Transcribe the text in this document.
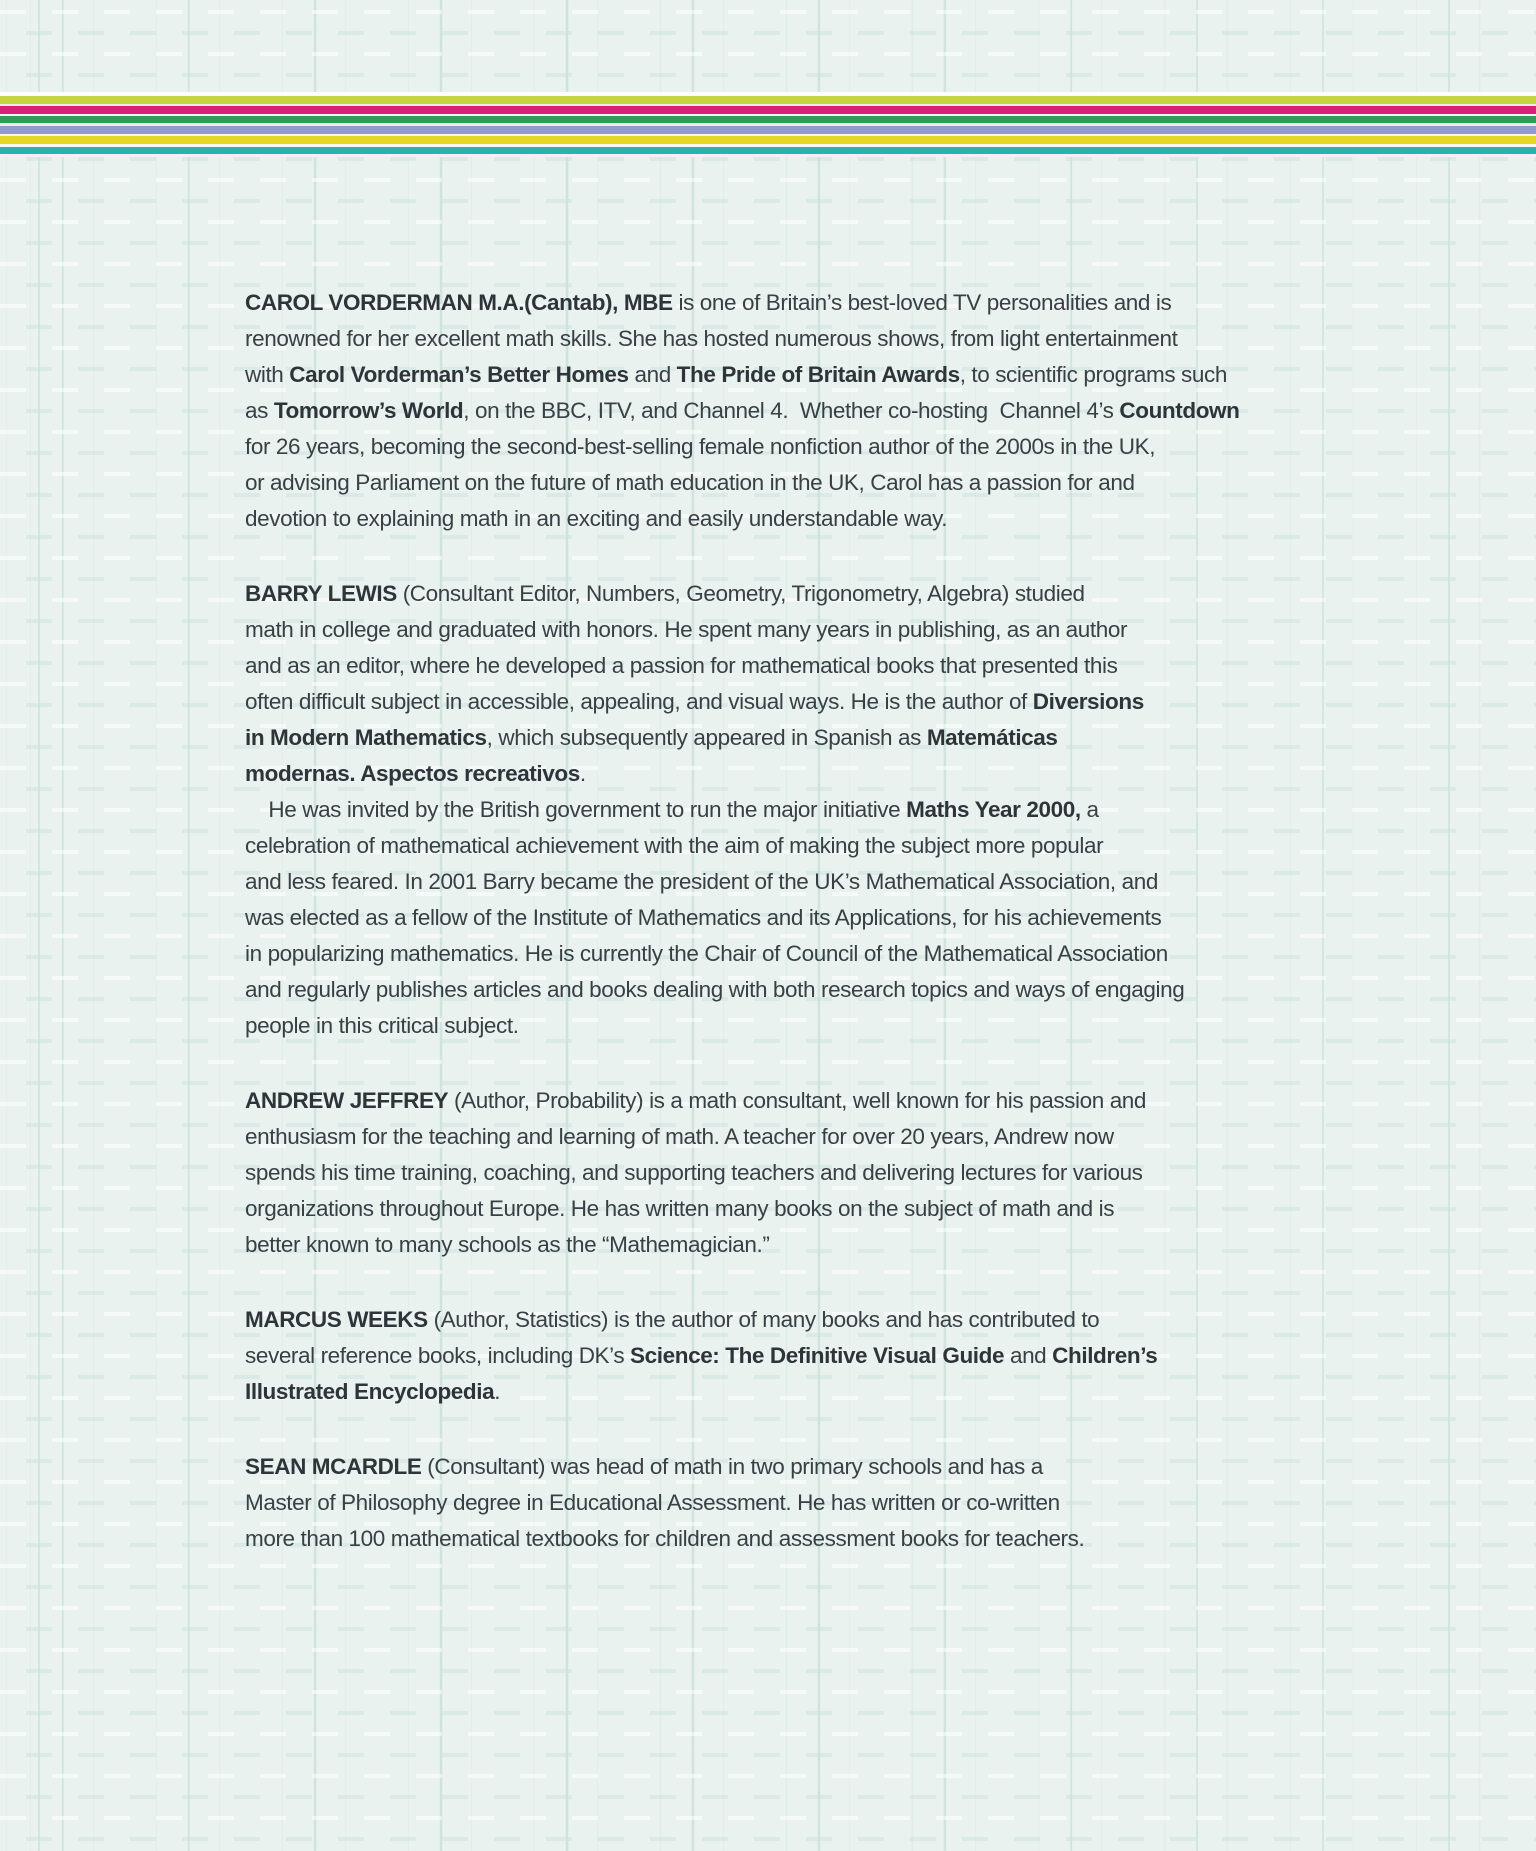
CAROL VORDERMAN M.A.(Cantab), MBE is one of Britain’s best-loved TV personalities and is
renowned for her excellent math skills. She has hosted numerous shows, from light entertainment
with Carol Vorderman’s Better Homes and The Pride of Britain Awards, to scientific programs such
as Tomorrow’s World, on the BBC, ITV, and Channel 4.  Whether co-hosting  Channel 4’s Countdown
for 26 years, becoming the second-best-selling female nonfiction author of the 2000s in the UK,
or advising Parliament on the future of math education in the UK, Carol has a passion for and
devotion to explaining math in an exciting and easily understandable way.
BARRY LEWIS (Consultant Editor, Numbers, Geometry, Trigonometry, Algebra) studied
math in college and graduated with honors. He spent many years in publishing, as an author
and as an editor, where he developed a passion for mathematical books that presented this
often difficult subject in accessible, appealing, and visual ways. He is the author of Diversions
in Modern Mathematics, which subsequently appeared in Spanish as Matemáticas
modernas. Aspectos recreativos.
He was invited by the British government to run the major initiative Maths Year 2000, a
celebration of mathematical achievement with the aim of making the subject more popular
and less feared. In 2001 Barry became the president of the UK’s Mathematical Association, and
was elected as a fellow of the Institute of Mathematics and its Applications, for his achievements
in popularizing mathematics. He is currently the Chair of Council of the Mathematical Association
and regularly publishes articles and books dealing with both research topics and ways of engaging
people in this critical subject.
ANDREW JEFFREY (Author, Probability) is a math consultant, well known for his passion and
enthusiasm for the teaching and learning of math. A teacher for over 20 years, Andrew now
spends his time training, coaching, and supporting teachers and delivering lectures for various
organizations throughout Europe. He has written many books on the subject of math and is
better known to many schools as the “Mathemagician.”
MARCUS WEEKS (Author, Statistics) is the author of many books and has contributed to
several reference books, including DK’s Science: The Definitive Visual Guide and Children’s
Illustrated Encyclopedia.
SEAN MCARDLE (Consultant) was head of math in two primary schools and has a
Master of Philosophy degree in Educational Assessment. He has written or co-written
more than 100 mathematical textbooks for children and assessment books for teachers.
